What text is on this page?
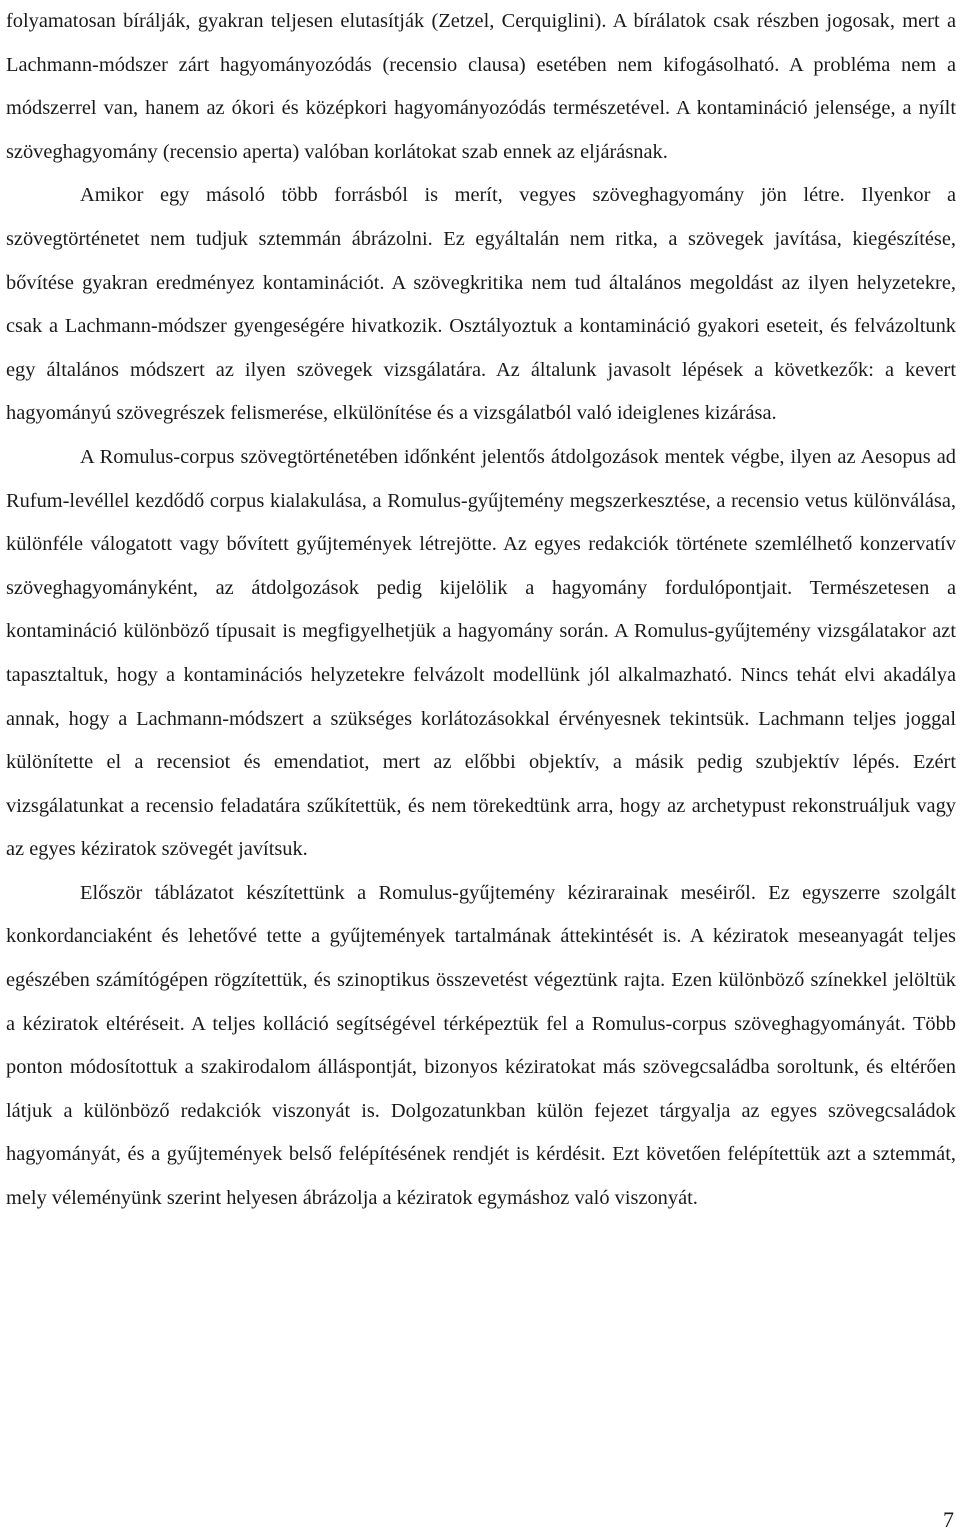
folyamatosan bírálják, gyakran teljesen elutasítják (Zetzel, Cerquiglini). A bírálatok csak részben jogosak, mert a Lachmann-módszer zárt hagyományozódás (recensio clausa) esetében nem kifogásolható. A probléma nem a módszerrel van, hanem az ókori és középkori hagyományozódás természetével. A kontamináció jelensége, a nyílt szöveghagyomány (recensio aperta) valóban korlátokat szab ennek az eljárásnak.

Amikor egy másoló több forrásból is merít, vegyes szöveghagyomány jön létre. Ilyenkor a szövegtörténetet nem tudjuk sztemmán ábrázolni. Ez egyáltalán nem ritka, a szövegek javítása, kiegészítése, bővítése gyakran eredményez kontaminációt. A szövegkritika nem tud általános megoldást az ilyen helyzetekre, csak a Lachmann-módszer gyengeségére hivatkozik. Osztályoztuk a kontamináció gyakori eseteit, és felvázoltunk egy általános módszert az ilyen szövegek vizsgálatára. Az általunk javasolt lépések a következők: a kevert hagyományú szövegrészek felismerése, elkülönítése és a vizsgálatból való ideiglenes kizárása.

A Romulus-corpus szövegtörténetében időnként jelentős átdolgozások mentek végbe, ilyen az Aesopus ad Rufum-levéllel kezdődő corpus kialakulása, a Romulus-gyűjtemény megszerkesztése, a recensio vetus különválása, különféle válogatott vagy bővített gyűjtemények létrejötte. Az egyes redakciók története szemlélhető konzervatív szöveghagyományként, az átdolgozások pedig kijelölik a hagyomány fordulópontjait. Természetesen a kontamináció különböző típusait is megfigyelhetjük a hagyomány során. A Romulus-gyűjtemény vizsgálatakor azt tapasztaltuk, hogy a kontaminációs helyzetekre felvázolt modellünk jól alkalmazható. Nincs tehát elvi akadálya annak, hogy a Lachmann-módszert a szükséges korlátozásokkal érvényesnek tekintsük. Lachmann teljes joggal különítette el a recensiot és emendatiot, mert az előbbi objektív, a másik pedig szubjektív lépés. Ezért vizsgálatunkat a recensio feladatára szűkítettük, és nem törekedtünk arra, hogy az archetypust rekonstruáljuk vagy az egyes kéziratok szövegét javítsuk.

Először táblázatot készítettünk a Romulus-gyűjtemény kézirarainak meséiről. Ez egyszerre szolgált konkordanciaként és lehetővé tette a gyűjtemények tartalmának áttekintését is. A kéziratok meseanyagát teljes egészében számítógépen rögzítettük, és szinoptikus összevetést végeztünk rajta. Ezen különböző színekkel jelöltük a kéziratok eltéréseit. A teljes kolláció segítségével térképeztük fel a Romulus-corpus szöveghagyományát. Több ponton módosítottuk a szakirodalom álláspontját, bizonyos kéziratokat más szövegcsaládba soroltunk, és eltérően látjuk a különböző redakciók viszonyát is. Dolgozatunkban külön fejezet tárgyalja az egyes szövegcsaládok hagyományát, és a gyűjtemények belső felépítésének rendjét is kérdésit. Ezt követően felépítettük azt a sztemmát, mely véleményünk szerint helyesen ábrázolja a kéziratok egymáshoz való viszonyát.

7
